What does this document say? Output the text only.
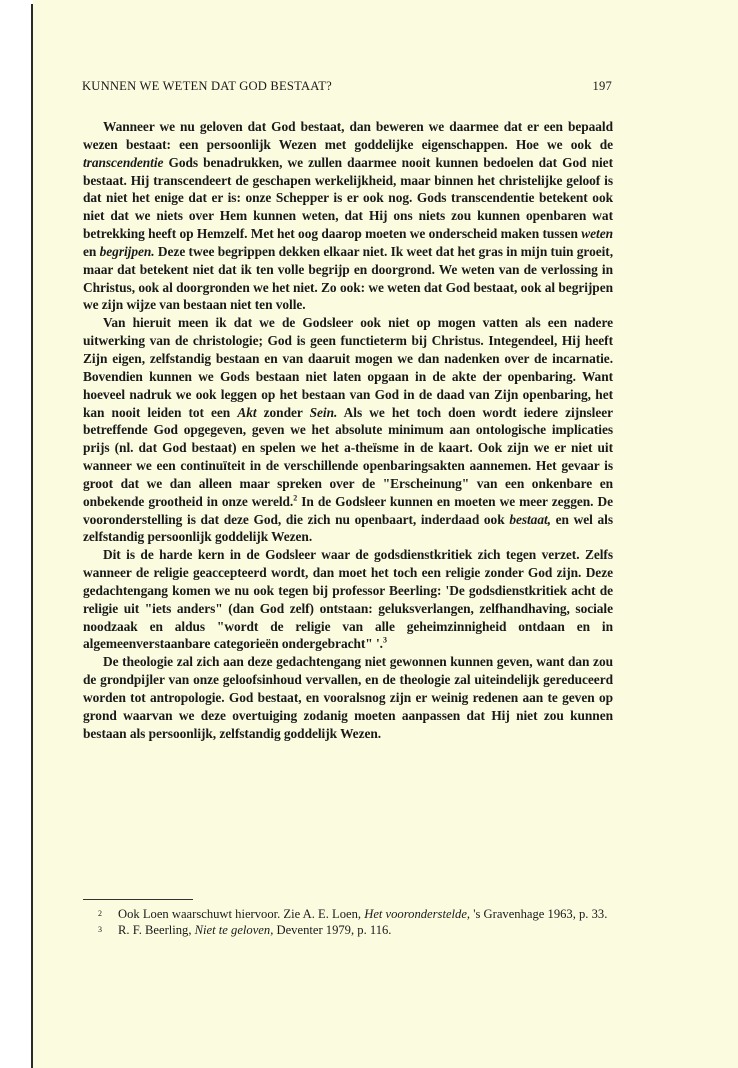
KUNNEN WE WETEN DAT GOD BESTAAT?	197

Wanneer we nu geloven dat God bestaat, dan beweren we daarmee dat er een bepaald wezen bestaat: een persoonlijk Wezen met goddelijke eigenschappen. Hoe we ook de transcendentie Gods benadrukken, we zullen daarmee nooit kunnen bedoelen dat God niet bestaat. Hij transcendeert de geschapen werkelijkheid, maar binnen het christelijke geloof is dat niet het enige dat er is: onze Schepper is er ook nog. Gods transcendentie betekent ook niet dat we niets over Hem kunnen weten, dat Hij ons niets zou kunnen openbaren wat betrekking heeft op Hemzelf. Met het oog daarop moeten we onderscheid maken tussen weten en begrijpen. Deze twee begrippen dekken elkaar niet. Ik weet dat het gras in mijn tuin groeit, maar dat betekent niet dat ik ten volle begrijp en doorgrond. We weten van de verlossing in Christus, ook al doorgronden we het niet. Zo ook: we weten dat God bestaat, ook al begrijpen we zijn wijze van bestaan niet ten volle.

Van hieruit meen ik dat we de Godsleer ook niet op mogen vatten als een nadere uitwerking van de christologie; God is geen functieterm bij Christus. Integendeel, Hij heeft Zijn eigen, zelfstandig bestaan en van daaruit mogen we dan nadenken over de incarnatie. Bovendien kunnen we Gods bestaan niet laten opgaan in de akte der openbaring. Want hoeveel nadruk we ook leggen op het bestaan van God in de daad van Zijn openbaring, het kan nooit leiden tot een Akt zonder Sein. Als we het toch doen wordt iedere zijnsleer betreffende God opgegeven, geven we het absolute minimum aan ontologische implicaties prijs (nl. dat God bestaat) en spelen we het a-theïsme in de kaart. Ook zijn we er niet uit wanneer we een continuïteit in de verschillende openbaringsakten aannemen. Het gevaar is groot dat we dan alleen maar spreken over de "Erscheinung" van een onkenbare en onbekende grootheid in onze wereld.$^2$ In de Godsleer kunnen en moeten we meer zeggen. De vooronderstelling is dat deze God, die zich nu openbaart, inderdaad ook bestaat, en wel als zelfstandig persoonlijk goddelijk Wezen.

Dit is de harde kern in de Godsleer waar de godsdienstkritiek zich tegen verzet. Zelfs wanneer de religie geaccepteerd wordt, dan moet het toch een religie zonder God zijn. Deze gedachtengang komen we nu ook tegen bij professor Beerling: 'De godsdienstkritiek acht de religie uit "iets anders" (dan God zelf) ontstaan: geluksverlangen, zelfhandhaving, sociale noodzaak en aldus "wordt de religie van alle geheimzinnigheid ontdaan en in algemeenverstaanbare categorieën ondergebracht" '.$^3$

De theologie zal zich aan deze gedachtengang niet gewonnen kunnen geven, want dan zou de grondpijler van onze geloofsinhoud vervallen, en de theologie zal uiteindelijk gereduceerd worden tot antropologie. God bestaat, en vooralsnog zijn er weinig redenen aan te geven op grond waarvan we deze overtuiging zodanig moeten aanpassen dat Hij niet zou kunnen bestaan als persoonlijk, zelfstandig goddelijk Wezen.

2 Ook Loen waarschuwt hiervoor. Zie A. E. Loen, Het vooronderstelde, 's Gravenhage 1963, p. 33.
3 R. F. Beerling, Niet te geloven, Deventer 1979, p. 116.
